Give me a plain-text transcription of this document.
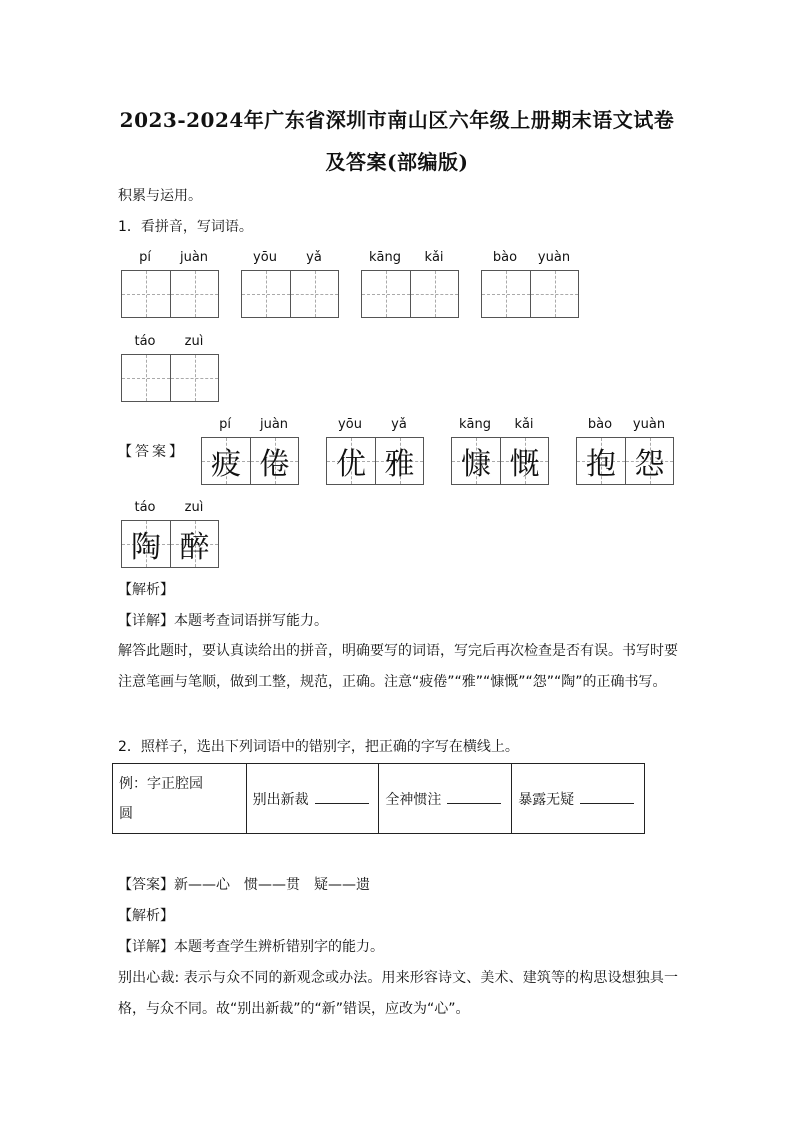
2023-2024年广东省深圳市南山区六年级上册期末语文试卷
及答案(部编版)
积累与运用。
1．看拼音，写词语。
pí	juàn	yōu	yǎ	kāng	kǎi	bào	yuàn
táo	zuì
【答案】
pí	juàn
疲 倦
yōu	yǎ
优 雅
kāng	kǎi
慷 慨
bào	yuàn
抱 怨
táo	zuì
陶 醉
【解析】
【详解】本题考查词语拼写能力。
解答此题时，要认真读给出的拼音，明确要写的词语，写完后再次检查是否有误。书写时要注意笔画与笔顺，做到工整，规范，正确。注意“疲倦”“雅”“慷慨”“怨”“陶”的正确书写。
2．照样子，选出下列词语中的错别字，把正确的字写在横线上。
例：字正腔园
圆
	别出新裁	全神惯注	暴露无疑
【答案】新——心　惯——贯　疑——遗
【解析】
【详解】本题考查学生辨析错别字的能力。
别出心裁: 表示与众不同的新观念或办法。用来形容诗文、美术、建筑等的构思设想独具一格，与众不同。故“别出新裁”的“新”错误，应改为“心”。
